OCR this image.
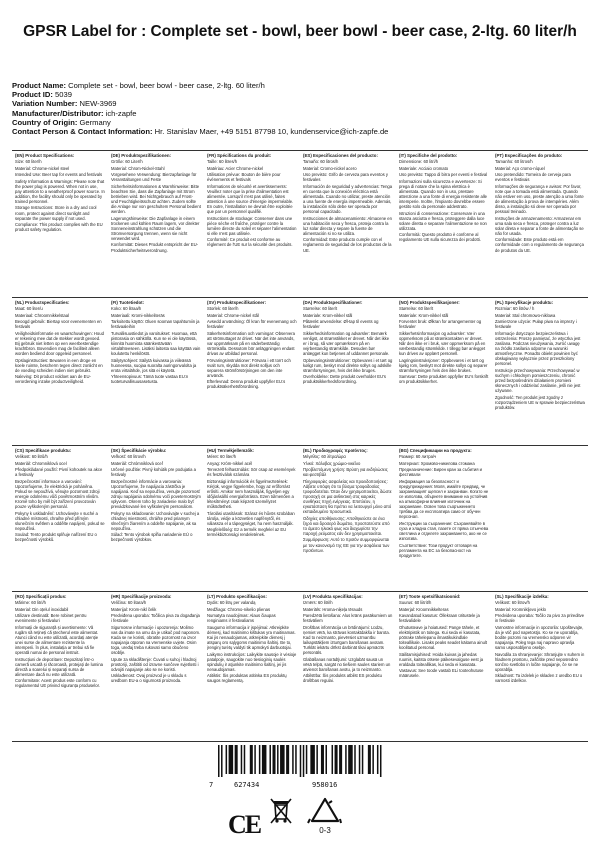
GPSR Label for : Complete set - bowl, beer bowl - beer case, 2-ltg. 60 liter/h
Product Name: Complete set - bowl, beer bowl - beer case, 2-ltg. 60 liter/h
Product ID: 5039
Variation Number: NEW-3969
Manufacturer/Distributor: ich-zapfe
Country of Origin: Germany
Contact Person & Contact Information: Hr. Stanislav Maer, +49 5151 87798 10, kundenservice@ich-zapfe.de
(EN) Product Specifications:

Size: 60 liter/h

Material: Chrome-nickel steel

Intended Use: Beer tap for events and festivals

Safety Information & Warnings: Please note that the power plug is powered. When not in use, pay attention to a weatherproof power source. In addition, the facility should only be operated by trained personnel.

Storage Instructions: Store in a dry and cool room, protect against direct sunlight and separate the power supply if not used.

Compliance: This product complies with the EU product safety regulation.

(DE) Produktspezifikationen:

Größe: 60 Liter/h

Material: Chrom-Nickel-Stahl

Vorgesehene Verwendung: Bierzapfanlage für Veranstaltungen und Feste

Sicherheitsinformationen & Warnhinweise: Bitte beachten Sie, dass die Zapfanlage mit Strom betrieben wird. Bei Nichtgebrauch auf Frost- und Feuchtigkeitsschutz achten. Zudem sollte die Anlage nur von geschultem Personal bedient werden.

Lagerungshinweise: Die Zapfanlage in einem trockenen und kühlen Raum lagern, vor direkter Sonneneinstrahlung schützen und die Stromversorgung trennen, wenn sie nicht verwendet wird.

Konformität: Dieses Produkt entspricht der EU-Produktsicherheitsverordnung.

(FR) Spécifications du produit:

Taille: 60 litres/h

Matériau: Acier Chrome-nickel

Utilisation prévue: Bouton de bière pour événements et festivals

Informations de sécurité et avertissements: Veuillez noter que la prise d'alimentation est alimentée. Lorsqu'il n'est pas utilisé, faites attention à une source d'énergie imperméable. En outre, l'installation ne devrait être exploitée que par un personnel qualifié.

Instructions de stockage: Conserver dans une pièce sèche et fraîche, protéger contre la lumière directe du soleil et séparer l'alimentation si elle n'est pas utilisée.

Conformité: Ce produit est conforme au règlement de l'UE sur la sécurité des produits.

(ES) Especificaciones del producto:

Tamaño: 60 litros/h

Material: Cromo-nickel acero

Uso previsto: Grifo de cerveza para eventos y festivales

Información de seguridad y advertencias: Tenga en cuenta que la conexión eléctrica está alimentada. Cuando no utilizar, preste atención a una fuente de energía impermeable. Además, la instalación sólo debe ser operada por personal capacitado.

Instrucciones de almacenamiento: Almacene en una habitación seca y fresca, proteja contra la luz solar directa y separe la fuente de alimentación si no se utiliza.

Conformidad: Este producto cumple con el reglamento de seguridad de los productos de la UE.

(IT) Specifiche del prodotto:

Dimensione: 60 litri/h

Materiale: Acciaio cromato

Uso previsto: Tappo di birra per eventi e festival

Informazioni sulla sicurezza e avvertenze: Si prega di notare che la spina elettrica è alimentata. Quando non in uso, prestare attenzione a una fonte di energia resistente alle intemperie. Inoltre, l'impianto dovrebbe essere gestito solo da personale addestrato.

Istruzioni di conservazione: Conservare in una stanza asciutta e fresca, proteggere dalla luce solare diretta e separare l'alimentazione se non utilizzata.

Conformità: Questo prodotto è conforme al regolamento UE sulla sicurezza dei prodotti.

(PT) Especificações do produto:

Tamanho: 60 litros/h

Material: Aço cromo-níquel

Uso pretendido: Torneira de cerveja para eventos e festivais

Informações de segurança e avisos: Por favor, note que a tomada está alimentada. Quando não estiver em uso, preste atenção a uma fonte de alimentação à prova de intempéries. Além disso, a instalação só deve ser operada por pessoal treinado.

Instruções de armazenamento: Armazenar em uma sala seca e fresca, proteger contra a luz solar direta e separar a fonte de alimentação se não for usada.

Conformidade: Este produto está em conformidade com o regulamento de segurança de produtos da UE.

(NL) Productspecificaties:

Maat: 60 liter/u

Materiaal: Chroomnikkelstaal

Beoogd gebruik: Biertap voor evenementen en festivals

Veiligheidsinformatie en waarschuwingen: Houd er rekening mee dat de stekker wordt gevoed. Bij gebruik niet letten op een weerbestendige krachtbron. Bovendien mag de faciliteit alleen worden bediend door opgeleid personeel.

Opslaginstructies: Bewaren in een droge en koele ruimte, bescherm tegen direct zonlicht en de voeding scheiden indien niet gebruikt.

Naleving: Dit product voldoet aan de EU-verordening inzake productveiligheid.

(FI) Tuotetiedot:

Koko: 60 litraa/h

Materiaali: Kromi-nikkeliteräs

Tarkoitettu käyttö: Oluen sooman tapahtumiin ja festivaaleihin

Turvallisuustiedot ja varoitukset: Huomaa, että pistorasia on sähköllä. Kun se ei ole käytössä, kiinnitä huomiota säänkestävään virtalähteeseen. Lisäksi laitosta saa käyttää vain koulutettu henkilöstö.

Säilytysohjeet: Säilytä kuivassa ja viileässä huoneessa, suojaa suoralta auringonvalolta ja erota virtalähde, jos sitä ei käytetä.

Yhteensopivuus: Tämä tuote vastaa EU:n tuoteturvallisuusasetusta.

(SV) Produktspecifikationer:

Storlek: 60 liter/h

Material: Chrome-nickel stål

Avsedd användning: Öl kran för evenemang och festivaler

Säkerhetsinformation och varningar: Observera att strömuttaget är drivet. När det inte används, var uppmärksam på en väderbeständig strömkälla. Dessutom bör anläggningen endast drivas av utbildad personal.

Förvaringsinstruktioner: Förvara i ett torrt och svalt rum, skydda mot direkt solljus och separera strömförsörjningen om den inte används.

Efterlevnad: Denna produkt uppfyller EU:s produktsäkerhetsförordning.

(DA) Produktspecifikationer:

Størrelse: 60 liter/t

Materiale: Krom-nikkel stål

Påtænkt anvendelse: Øl-tap til events og festivaler

Sikkerhedsinformation og advarsler: Bemærk venligst, at strømstikket er drevet. Når det ikke er i brug, så vær opmærksom på en vejrbestandig strømkilde. Desuden bør anlægget kun betjenes af uddannet personale.

Opbevaringsinstruktioner: Opbevares i et tørt og køligt rum, beskyt mod direkte sollys og adskille strømforsyningen, hvis det ikke bruges.

Overholdelse: Dette produkt overholder EU's produktsikkerhedsforordning.

(NO) Produktspesifikasjoner:

Størrelse: 60 liter/t

Materiale: Krom-nikkel stål

Forventet bruk: Ølkran for arrangementer og festivaler

Sikkerhetsinformasjon og advarsler: Vær oppmerksom på at strømkontakten er drevet. Når den ikke er i bruk, vær oppmerksom på en værbestandig strømkilde. I tillegg bør anlegget kun drives av opplært personell.

Lagringsinstruksjoner: Oppbevares i et tørt og kjølig rom, beskytt mot direkte sollys og separer strømforsyningen hvis den ikke brukes.

Samsvar: Dette produktet oppfyller EU's forskrift om produktsikkerhet.

(PL) Specyfikacje produktu:

Rozmiar: 60 litrów / h

Materiał: Stal chromowo-niklowa

Zamierzone użycie: Pułap piwa na imprezy i festiwale

Informacje dotyczące bezpieczeństwa i ostrzeżenia: Proszę pamiętać, że wtyczka jest zasilana. Podczas nieużywania, zwróć uwagę na źródło zasilania odporne na warunki atmosferyczne. Ponadto obiekt powinien być obsługiwany wyłącznie przez przeszkolony personel.

Instrukcje przechowywania: Przechowywać w suchym i chłodnym pomieszczeniu, chronić przed bezpośrednim działaniem promieni słonecznych i oddzielać zasilanie, jeśli nie jest używane.

Zgodność: Ten produkt jest zgodny z rozporządzeniem UE w sprawie bezpieczeństwa produktów.

(CS) Specifikace produktu:

Velikost: 60 litrů/h

Materiál: Chromniklová ocel

Předpokládané použití: Pivní kohoutek na akce a festivaly

Bezpečnostní informace a varování: Upozorňujeme, že elektrická je poháněna. Pokud se nepoužívá, věnujte pozornost zdroji energie odolnému vůči povětrnostním vlivům. Kromě toho by měl být zařízení provozován pouze vyškoleným personál.

Pokyny k uskladnění: Uchovávejte v suché a chladné místnosti, chraňte před přímým slunečním světlem a oddělte napájení, pokud se nepoužívá.

Soulad: Tento produkt splňuje nařízení EU o bezpečnosti výrobků.

(SK) Špecifikácie výrobku:

Veľkosť: 60 litrov/h

Materiál: Chrómniklová oceľ

Určené použitie: Pivný kohútik pre podujatia a festivaly

Bezpečnostné informácie a varovania: Upozorňujeme, že napájacia zástrčka je napájaná. Keď sa nepoužíva, venujte pozornosť zdroju napájania odolnému voči poveternostným vplyvom. Okrem toho by zariadenie malo byť prevádzkované len vyškoleným personálom.

Pokyny na skladovanie: Uchovávajte v suchej a chladnej miestnosti, chráňte pred priamym slnečným žiarením a oddeľte napájanie, ak sa nepoužíva.

Súlad: Tento výrobok spĺňa nariadenie EÚ o bezpečnosti výrobkov.

(HU) Termékjellemzők:

Méret: 60 liter/h

Anyag: Króm-nikkel acél

Tervezett felhasználás: Sör csap az események és fesztiválok számára

Biztonsági információk és figyelmeztetések: Kérjük, vegye figyelembe, hogy az erőforrást erősíti. Amikor nem használják, figyeljen egy időjárásálló energiaforrásra. Ezen túlmenően a létesítményt csak képzett személyzet működtetheti.

Tárolási utasítások: Száraz és hűvös szobában tárolja, védje a közvetlen napfénytől, és válassza el a tápegységet, ha nem használják.

Megfelelőség: Ez a termék megfelel az EU termékbiztonsági rendeletének.

(EL) Προδιαγραφές προϊόντος:

Μέγεθος: 60 λίτρα/ώρα

Υλικό: Χάλυβας χρώμιο-νικέλιο

Προβλεπόμενη χρήση: Βρύση για εκδηλώσεις και φεστιβάλ

Πληροφορίες ασφαλείας και προειδοποιήσεις: Λάβετε υπόψη ότι το βύσμα τροφοδοσίας τροφοδοτείται. Όταν δεν χρησιμοποιείται, δώστε προσοχή σε μια ανθεκτική στις καιρικές συνθήκες πηγή ενέργειας. Επιπλέον, η εγκατάσταση θα πρέπει να λειτουργεί μόνο από εκπαιδευμένο προσωπικό.

Οδηγίες αποθήκευσης: Αποθηκεύστε σε ένα ξηρό και δροσερό δωμάτιο, προστατεύστε από το άμεσο ηλιακό φως και διαχωρίστε την παροχή ρεύματος εάν δεν χρησιμοποιείται.

Συμμόρφωση: Αυτό το προϊόν συμμορφώνεται με τον κανονισμό της ΕΕ για την ασφάλεια των προϊόντων.

(BG) Спецификации на продукта:

Размер: 60 литра/ч

Материал: Хромово-никелова стомана

Предназначение: Бирен кран за събития и фестивали

Информация за безопасност и предупреждения: Моля, имайте предвид, че захранващият щепсел е захранван. Когато не се използва, обърнете внимание на устойчив на атмосферни влияния източник на захранване. Освен това съоръжението трябва да се експлоатира само от обучен персонал.

Инструкции за съхранение: Съхранявайте в суха и хладна стая, пазете от пряка слънчева светлина и отделете захранването, ако не се използва.

Съответствие: Този продукт отговаря на регламента на ЕС за безопасност на продуктите.

(RO) Specificații produs:

Mărime: 60 litri/h

Material: Din oțelul inoxidabil

Utilizare destinată: Bere robinet pentru evenimente și festivaluri

Informații de siguranță și avertismente: Vă rugăm să rețineți că ștecherul este alimentat. Atunci când nu este utilizată, acordați atenție unei surse de alimentare rezistente la intemperii. În plus, instalația ar trebui să fie operată numai de personal instruit.

Instrucțiuni de depozitare: Depozitați într-o cameră uscată și răcoroasă, protejați de lumina directă a soarelui și separați sursa de alimentare dacă nu este utilizată.

Conformitate: Acest produs este conform cu regulamentul UE privind siguranța produselor.

(HR) Specifikacije proizvoda:

Veličina: 60 litara/h

Materijal: Krom-nikl čelik

Predviđena uporaba: Točilica piva za događanja i festivale

Sigurnosne informacije i upozorenja: Molimo vas da imate na umu da je utikač pod naponom. Kada se ne koristi, obratite pozornost na izvor napajanja otporan na vremenske uvjete. Osim toga, uređaj treba rukovati samo obučeno osoblje.

Upute za skladištenje: Čuvati u suhoj i hladnoj prostoriji, zaštititi od izravne sunčeve svjetlosti i odvojiti napajanje ako se ne koristi.

Usklađenost: Ovaj proizvod je u skladu s uredbom EU-a o sigurnosti proizvoda.

(LT) Produkto specifikacijos:

Dydis: 60 litrų per valandą

Medžiaga: Chromo-nikelio plienas

Numatyta naudojimas: Alaus čiaupas renginiams ir festivaliams

Saugumo informacija ir įspėjimai: Atkreipkite dėmesį, kad maitinimo kištukas yra maitinamas. Kai jis nenaudojamas, atkreipkite dėmesį į atsparų oro sąlygoms maitinimo šaltinį. Be to, įrenginį turėtų valdyti tik apmokyti darbuotojai.

Laikymo instrukcijos: Laikykite sausoje ir vėsioje patalpoje, saugokite nuo tiesioginių saulės spindulių ir atjunkite maitinimo šaltinį, jei jis nenaudojamas.

Atitiktis: Šis produktas atitinka ES produktų saugos reglamentą.

(LV) Produkta specifikācijas:

Izmērs: 60 litri/h

Materiāls: Hroma-niķeļa tērauds

Paredzētā lietošana: Alus krāns pasākumiem un festivāliem

Drošības informācija un brīdinājumi: Lūdzu, ņemiet vērā, ka strāvas kontaktdakša ir barota. Kad to neizmanto, pievērsiet uzmanību laikapstākļiem izturīgam barošanas avotam. Turklāt iekārtu drīkst darbināt tikai apmācīts personāls.

Glabāšanas norādījumi: Uzglabāt sausā un vēsā telpā, sargāt no tiešiem saules stariem un atvienot barošanas avotu, ja to neizmanto.

Atbilstība: Šis produkts atbilst ES produktu drošības regulai.

(ET) Toote spetsifikatsioonid:

Suurus: 60 liitrit/h

Materjal: Kroomnikkelteras

Kavandatud kasutus: Õllekraan üritustele ja festivalidele

Ohutusteave ja hoiatused: Pange tähele, et elektripistik on toitega. Kui seda ei kasutata, pöörake tähelepanu ilmastikukindlale toiteallikale. Lisaks peaks seadet käitama ainult koolitatud personal.

Säilitamisjuhised: Hoida kuivas ja jahedas ruumis, kaitsta otsese päikesevalguse eest ja eraldada toiteallikas, kui seda ei kasutata.

Vastavus: See toode vastab ELi tooteohutuse määrusele.

(SL) Specifikacije izdelka:

Velikost: 60 litrov/h

Material: Kromnikljevo jeklo

Predvidena uporaba: Točilo za pivo za prireditve in festivale

Varnostne informacije in opozorila: Upoštevajte, da je vtič pod napetostjo. Ko se ne uporablja, bodite pozorni na vremensko odporen vir napajanja. Poleg tega naj napravo upravlja samo usposobljeno osebje.

Navodila za shranjevanje: Shranjujte v suhem in hladnem prostoru, zaščitite pred neposredno sončno svetlobo in ločite napajanje, če se ne uporablja.

Skladnost: Ta izdelek je skladen z uredbo EU o varnosti izdelkov.

7	627434	958016
CE	0-3
